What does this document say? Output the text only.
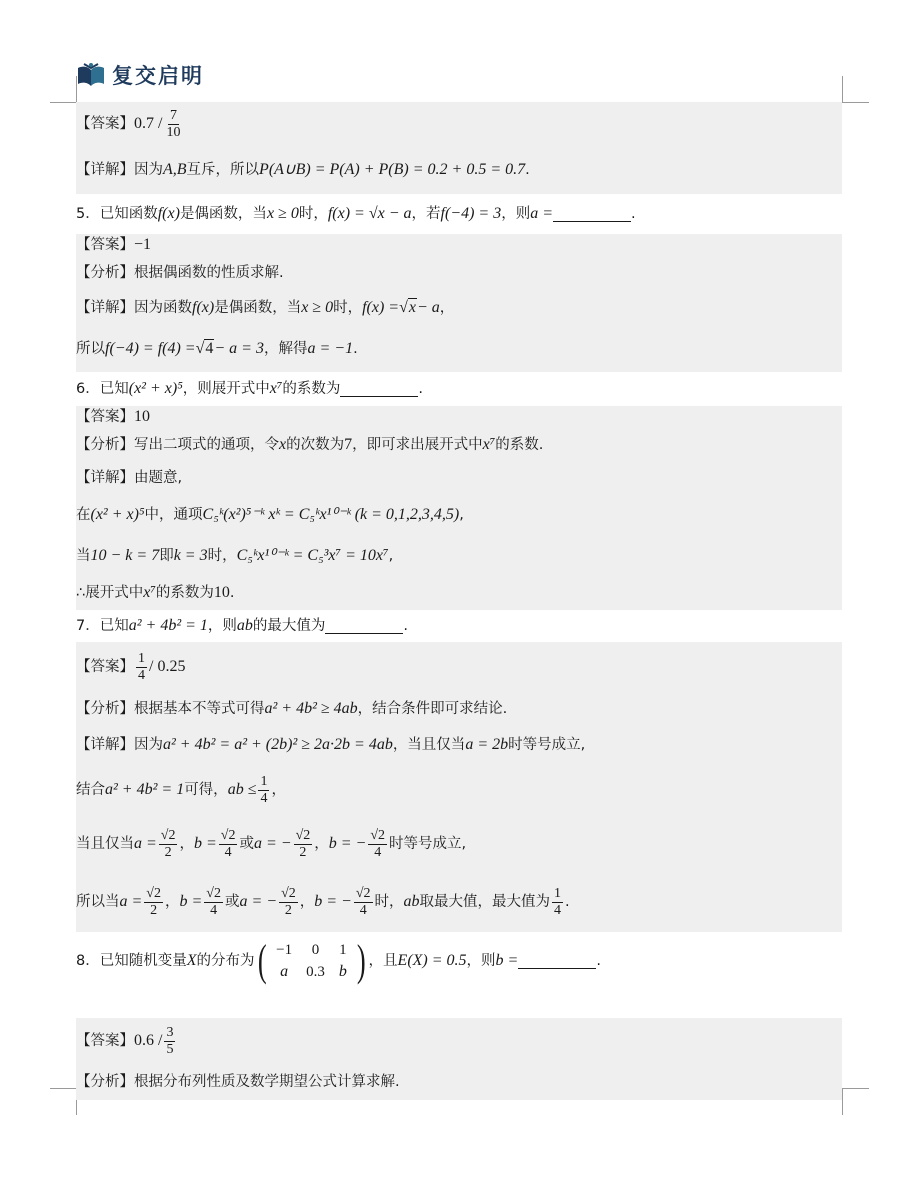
复交启明
【答案】 $0.7 / \frac{7}{10}$
【详解】 因为 A,B 互斥，所以 P(A∪B) = P(A) + P(B) = 0.2 + 0.5 = 0.7 .
5．已知函数 f(x) 是偶函数，当 x ≥ 0 时， f(x) = √x − a ，若 f(−4) = 3 ，则 a =	.
【答案】 −1
【分析】 根据偶函数的性质求解.
【详解】 因为函数 f(x) 是偶函数，当 x ≥ 0 时， f(x) = √x − a ，
所以 f(−4) = f(4) = √4 − a = 3 ，解得 a = −1 .
6．已知 (x² + x)⁵ ，则展开式中 x⁷ 的系数为	.
【答案】 10
【分析】 写出二项式的通项，令 x 的次数为 7 ，即可求出展开式中 x⁷ 的系数.
【详解】 由题意,
在 (x² + x)⁵ 中，通项 C₅ᵏ(x²)⁵⁻ᵏ xᵏ = C₅ᵏx¹⁰⁻ᵏ (k = 0,1,2,3,4,5) ,
当 10 − k = 7 即 k = 3 时， C₅ᵏx¹⁰⁻ᵏ = C₅³x⁷ = 10x⁷ ,
∴展开式中 x⁷ 的系数为 10 .
7．已知 a² + 4b² = 1 ，则 ab 的最大值为	.
【答案】 $\frac{1}{4} / 0.25$
【分析】 根据基本不等式可得 a² + 4b² ≥ 4ab ，结合条件即可求结论.
【详解】 因为 a² + 4b² = a² + (2b)² ≥ 2a·2b = 4ab ，当且仅当 a = 2b 时等号成立,
结合 a² + 4b² = 1 可得， ab ≤ $\frac{1}{4}$ ，
当且仅当 $a = \frac{√2}{2}$ ， $b = \frac{√2}{4}$ 或 a = − $\frac{√2}{2}$ ， b = − $\frac{√2}{4}$ 时等号成立,
所以当 $a = \frac{√2}{2}$ ， $b = \frac{√2}{4}$ 或 a = − $\frac{√2}{2}$ ， b = − $\frac{√2}{4}$ 时， ab 取最大值，最大值为 $\frac{1}{4}$ .
8．已知随机变量 X 的分布为 ( −1	0	1
a	0.3	b ) ，且 E(X) = 0.5 ，则 b =	.
【答案】 $0.6 / \frac{3}{5}$
【分析】 根据分布列性质及数学期望公式计算求解.
